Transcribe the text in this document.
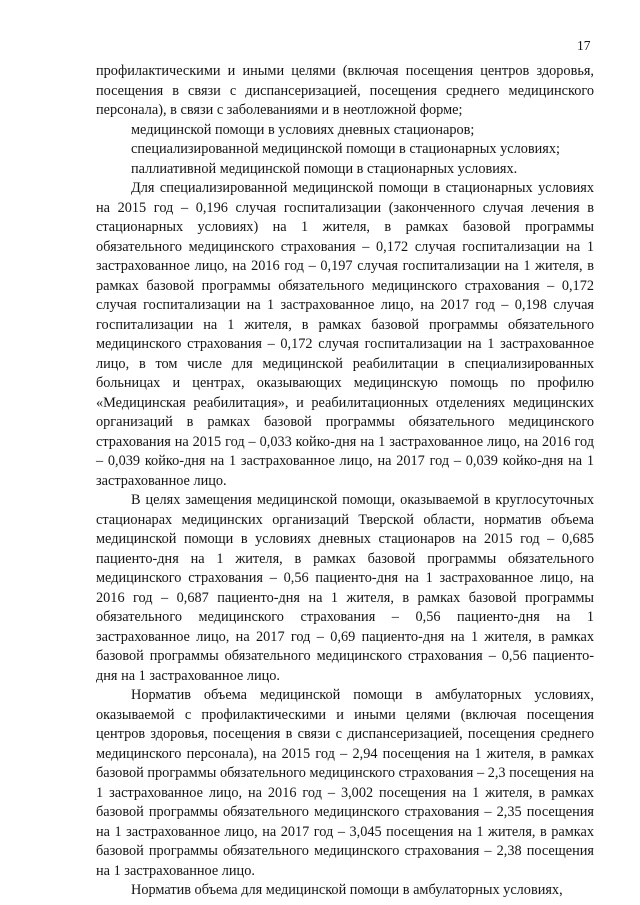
17

профилактическими и иными целями (включая посещения центров здоровья, посещения в связи с диспансеризацией, посещения среднего медицинского персонала), в связи с заболеваниями и в неотложной форме;

медицинской помощи в условиях дневных стационаров;

специализированной медицинской помощи в стационарных условиях;

паллиативной медицинской помощи в стационарных условиях.

Для специализированной медицинской помощи в стационарных условиях на 2015 год – 0,196 случая госпитализации (законченного случая лечения в стационарных условиях) на 1 жителя, в рамках базовой программы обязательного медицинского страхования – 0,172 случая госпитализации на 1 застрахованное лицо, на 2016 год – 0,197 случая госпитализации на 1 жителя, в рамках базовой программы обязательного медицинского страхования – 0,172 случая госпитализации на 1 застрахованное лицо, на 2017 год – 0,198 случая госпитализации на 1 жителя, в рамках базовой программы обязательного медицинского страхования – 0,172 случая госпитализации на 1 застрахованное лицо, в том числе для медицинской реабилитации в специализированных больницах и центрах, оказывающих медицинскую помощь по профилю «Медицинская реабилитация», и реабилитационных отделениях медицинских организаций в рамках базовой программы обязательного медицинского страхования на 2015 год – 0,033 койко-дня на 1 застрахованное лицо, на 2016 год – 0,039 койко-дня на 1 застрахованное лицо, на 2017 год – 0,039 койко-дня на 1 застрахованное лицо.

В целях замещения медицинской помощи, оказываемой в круглосуточных стационарах медицинских организаций Тверской области, норматив объема медицинской помощи в условиях дневных стационаров на 2015 год – 0,685 пациенто-дня на 1 жителя, в рамках базовой программы обязательного медицинского страхования – 0,56 пациенто-дня на 1 застрахованное лицо, на 2016 год – 0,687 пациенто-дня на 1 жителя, в рамках базовой программы обязательного медицинского страхования – 0,56 пациенто-дня на 1 застрахованное лицо, на 2017 год – 0,69 пациенто-дня на 1 жителя, в рамках базовой программы обязательного медицинского страхования – 0,56 пациенто-дня на 1 застрахованное лицо.

Норматив объема медицинской помощи в амбулаторных условиях, оказываемой с профилактическими и иными целями (включая посещения центров здоровья, посещения в связи с диспансеризацией, посещения среднего медицинского персонала), на 2015 год – 2,94 посещения на 1 жителя, в рамках базовой программы обязательного медицинского страхования – 2,3 посещения на 1 застрахованное лицо, на 2016 год – 3,002 посещения на 1 жителя, в рамках базовой программы обязательного медицинского страхования – 2,35 посещения на 1 застрахованное лицо, на 2017 год – 3,045 посещения на 1 жителя, в рамках базовой программы обязательного медицинского страхования – 2,38 посещения на 1 застрахованное лицо.

Норматив объема для медицинской помощи в амбулаторных условиях,
